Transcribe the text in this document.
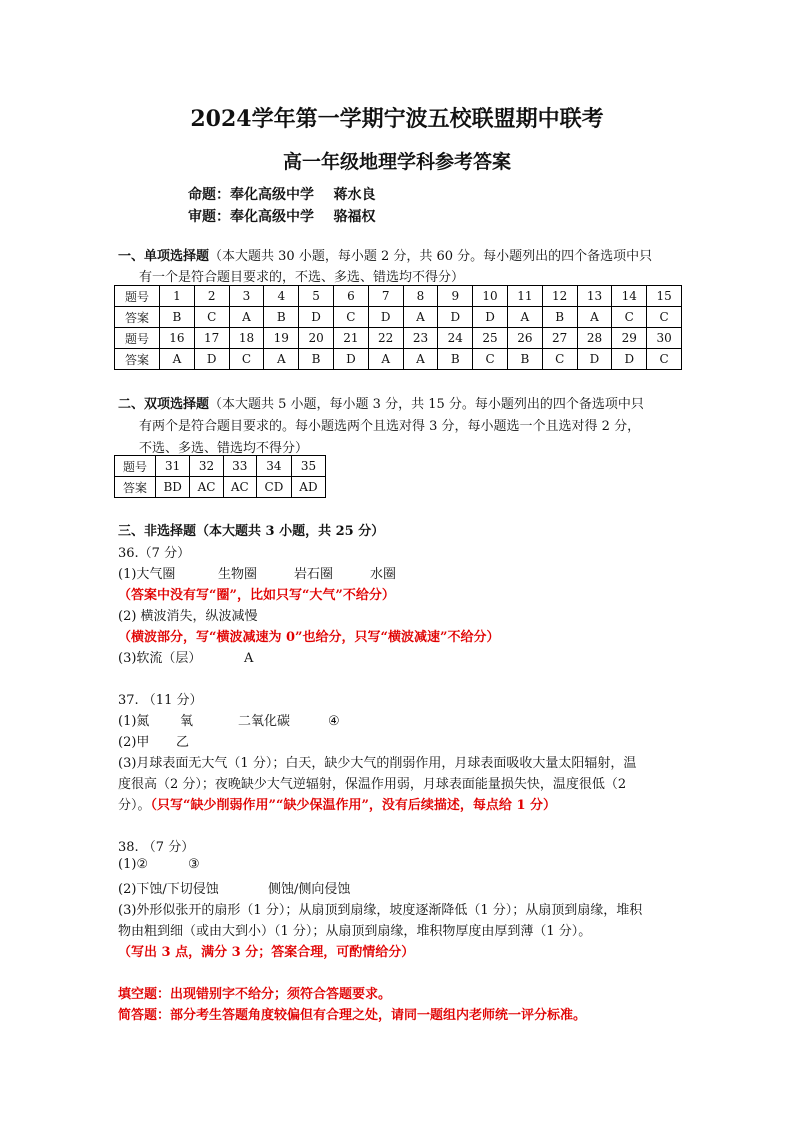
2024学年第一学期宁波五校联盟期中联考
高一年级地理学科参考答案
命题：奉化高级中学    蒋水良
审题：奉化高级中学    骆福权
一、单项选择题（本大题共 30 小题，每小题 2 分，共 60 分。每小题列出的四个备选项中只
有一个是符合题目要求的，不选、多选、错选均不得分）
题号	1	2	3	4	5	6	7	8	9	10	11	12	13	14	15
答案	B	C	A	B	D	C	D	A	D	D	A	B	A	C	C
题号	16	17	18	19	20	21	22	23	24	25	26	27	28	29	30
答案	A	D	C	A	B	D	A	A	B	C	B	C	D	D	C
二、双项选择题（本大题共 5 小题，每小题 3 分，共 15 分。每小题列出的四个备选项中只
有两个是符合题目要求的。每小题选两个且选对得 3 分，每小题选一个且选对得 2 分，
不选、多选、错选均不得分）
题号	31	32	33	34	35
答案	BD	AC	AC	CD	AD
三、非选择题（本大题共 3 小题，共 25 分）
36.（7 分）
(1)大气圈	生物圈	岩石圈	水圈
（答案中没有写“圈”，比如只写“大气”不给分）
(2) 横波消失，纵波减慢
（横波部分，写“横波减速为 0”也给分，只写“横波减速”不给分）
(3)软流（层）	A
37. （11 分）
(1)氮 氧	二氧化碳	④
(2)甲 乙
(3)月球表面无大气（1 分）；白天，缺少大气的削弱作用，月球表面吸收大量太阳辐射，温
度很高（2 分）；夜晚缺少大气逆辐射，保温作用弱，月球表面能量损失快，温度很低（2
分）。（只写“缺少削弱作用”“缺少保温作用”，没有后续描述，每点给 1 分）
38. （7 分）
(1)②	③
(2)下蚀/下切侵蚀	侧蚀/侧向侵蚀
(3)外形似张开的扇形（1 分）；从扇顶到扇缘，坡度逐渐降低（1 分）；从扇顶到扇缘，堆积
物由粗到细（或由大到小）（1 分）；从扇顶到扇缘，堆积物厚度由厚到薄（1 分）。
（写出 3 点，满分 3 分；答案合理，可酌情给分）
填空题：出现错别字不给分；须符合答题要求。
简答题：部分考生答题角度较偏但有合理之处，请同一题组内老师统一评分标准。
